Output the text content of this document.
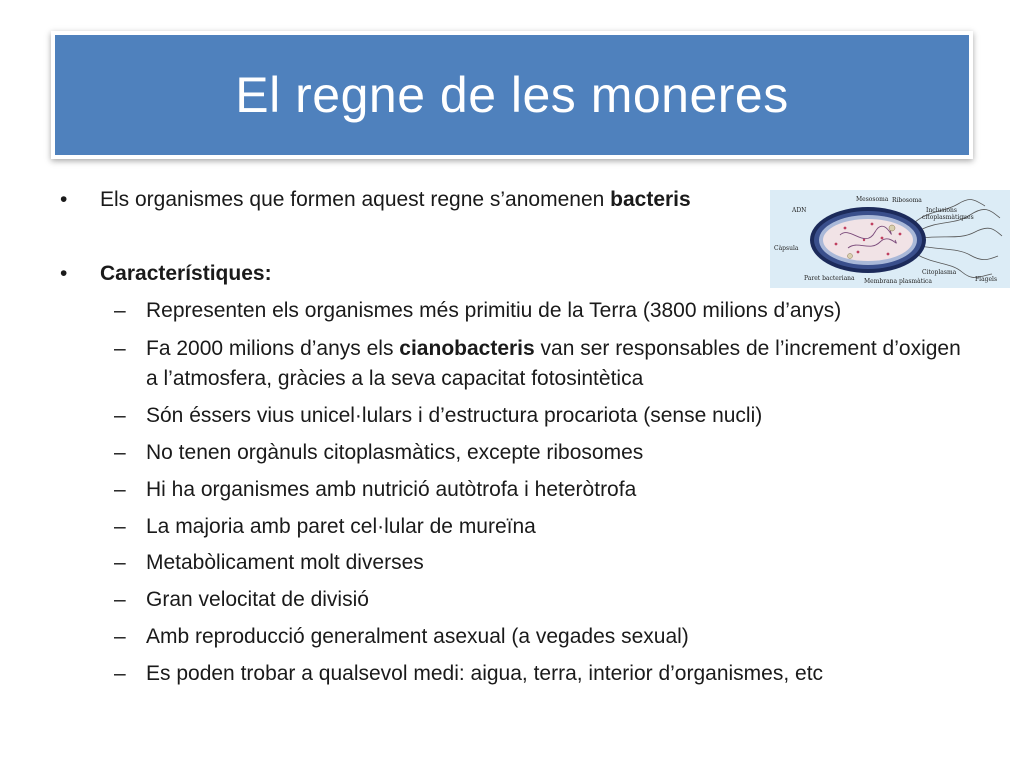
El regne de les moneres
• Els organismes que formen aquest regne s’anomenen bacteris	ADN
Mesosoma Ribosoma
Inclusions
citoplasmàtiques
Càpsula
Paret bacteriana Membrana plasmàtica
Citoplasma
Flagels
• Característiques:
– Representen els organismes més primitiu de la Terra (3800 milions d’anys)
– Fa 2000 milions d’anys els cianobacteris van ser responsables de l’increment d’oxigen a l’atmosfera, gràcies a la seva capacitat fotosintètica
– Són éssers vius unicel·lulars i d’estructura procariota (sense nucli)
– No tenen orgànuls citoplasmàtics, excepte ribosomes
– Hi ha organismes amb nutrició autòtrofa i heteròtrofa
– La majoria amb paret cel·lular de mureïna
– Metabòlicament molt diverses
– Gran velocitat de divisió
– Amb reproducció generalment asexual (a vegades sexual)
– Es poden trobar a qualsevol medi: aigua, terra, interior d’organismes, etc
